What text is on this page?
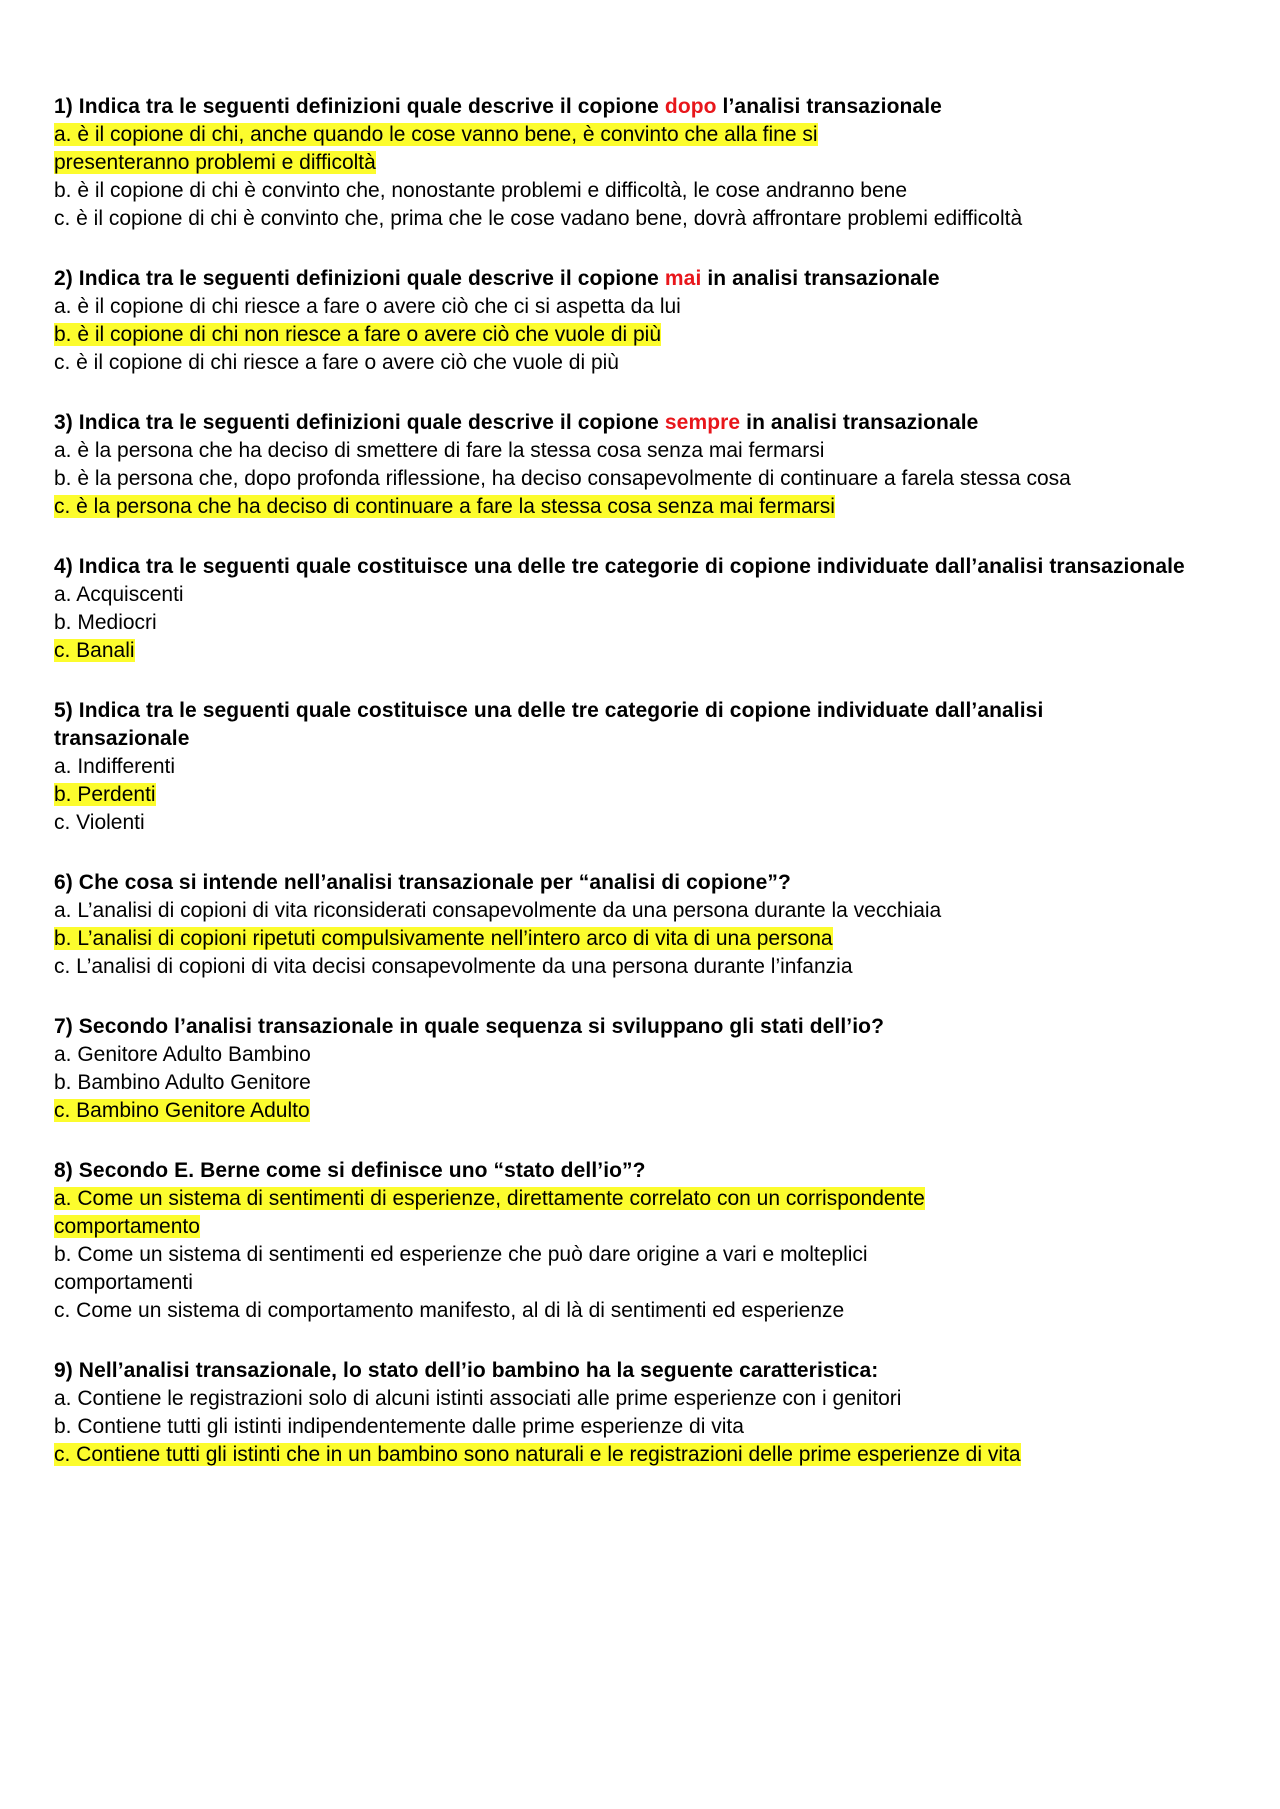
1) Indica tra le seguenti definizioni quale descrive il copione dopo l’analisi transazionale

a. è il copione di chi, anche quando le cose vanno bene, è convinto che alla fine si presenteranno problemi e difficoltà

b. è il copione di chi è convinto che, nonostante problemi e difficoltà, le cose andranno bene

c. è il copione di chi è convinto che, prima che le cose vadano bene, dovrà affrontare problemi edifficoltà

2) Indica tra le seguenti definizioni quale descrive il copione mai in analisi transazionale

a. è il copione di chi riesce a fare o avere ciò che ci si aspetta da lui

b. è il copione di chi non riesce a fare o avere ciò che vuole di più

c. è il copione di chi riesce a fare o avere ciò che vuole di più

3) Indica tra le seguenti definizioni quale descrive il copione sempre in analisi transazionale

a. è la persona che ha deciso di smettere di fare la stessa cosa senza mai fermarsi

b. è la persona che, dopo profonda riflessione, ha deciso consapevolmente di continuare a farela stessa cosa

c. è la persona che ha deciso di continuare a fare la stessa cosa senza mai fermarsi

4) Indica tra le seguenti quale costituisce una delle tre categorie di copione individuate dall’analisi transazionale

a. Acquiscenti

b. Mediocri

c. Banali

5) Indica tra le seguenti quale costituisce una delle tre categorie di copione individuate dall’analisi transazionale

a. Indifferenti

b. Perdenti

c. Violenti

6) Che cosa si intende nell’analisi transazionale per “analisi di copione”?

a. L’analisi di copioni di vita riconsiderati consapevolmente da una persona durante la vecchiaia

b. L’analisi di copioni ripetuti compulsivamente nell’intero arco di vita di una persona

c. L’analisi di copioni di vita decisi consapevolmente da una persona durante l’infanzia

7) Secondo l’analisi transazionale in quale sequenza si sviluppano gli stati dell’io?

a. Genitore Adulto Bambino

b. Bambino Adulto Genitore

c. Bambino Genitore Adulto

8) Secondo E. Berne come si definisce uno “stato dell’io”?

a. Come un sistema di sentimenti di esperienze, direttamente correlato con un corrispondente comportamento

b. Come un sistema di sentimenti ed esperienze che può dare origine a vari e molteplici comportamenti

c. Come un sistema di comportamento manifesto, al di là di sentimenti ed esperienze

9) Nell’analisi transazionale, lo stato dell’io bambino ha la seguente caratteristica:

a. Contiene le registrazioni solo di alcuni istinti associati alle prime esperienze con i genitori

b. Contiene tutti gli istinti indipendentemente dalle prime esperienze di vita

c. Contiene tutti gli istinti che in un bambino sono naturali e le registrazioni delle prime esperienze di vita
